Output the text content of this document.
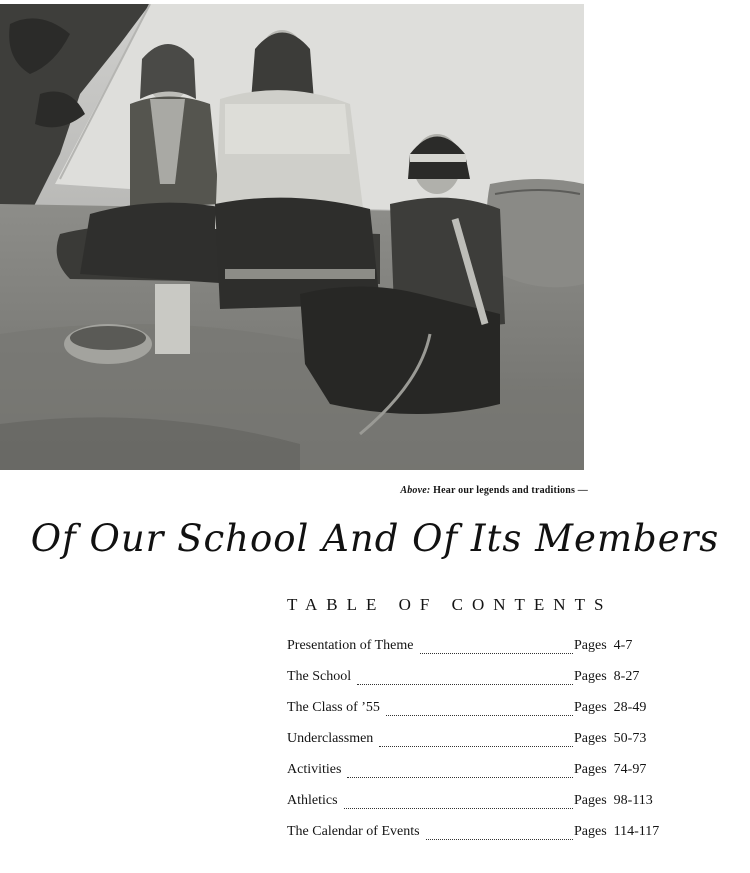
Above: Hear our legends and traditions —
Of Our School And Of Its Members
TABLE OF CONTENTS
Presentation of Theme	Pages  4-7
The School	Pages  8-27
The Class of ’55	Pages  28-49
Underclassmen	Pages  50-73
Activities	Pages  74-97
Athletics	Pages  98-113
The Calendar of Events	Pages  114-117
